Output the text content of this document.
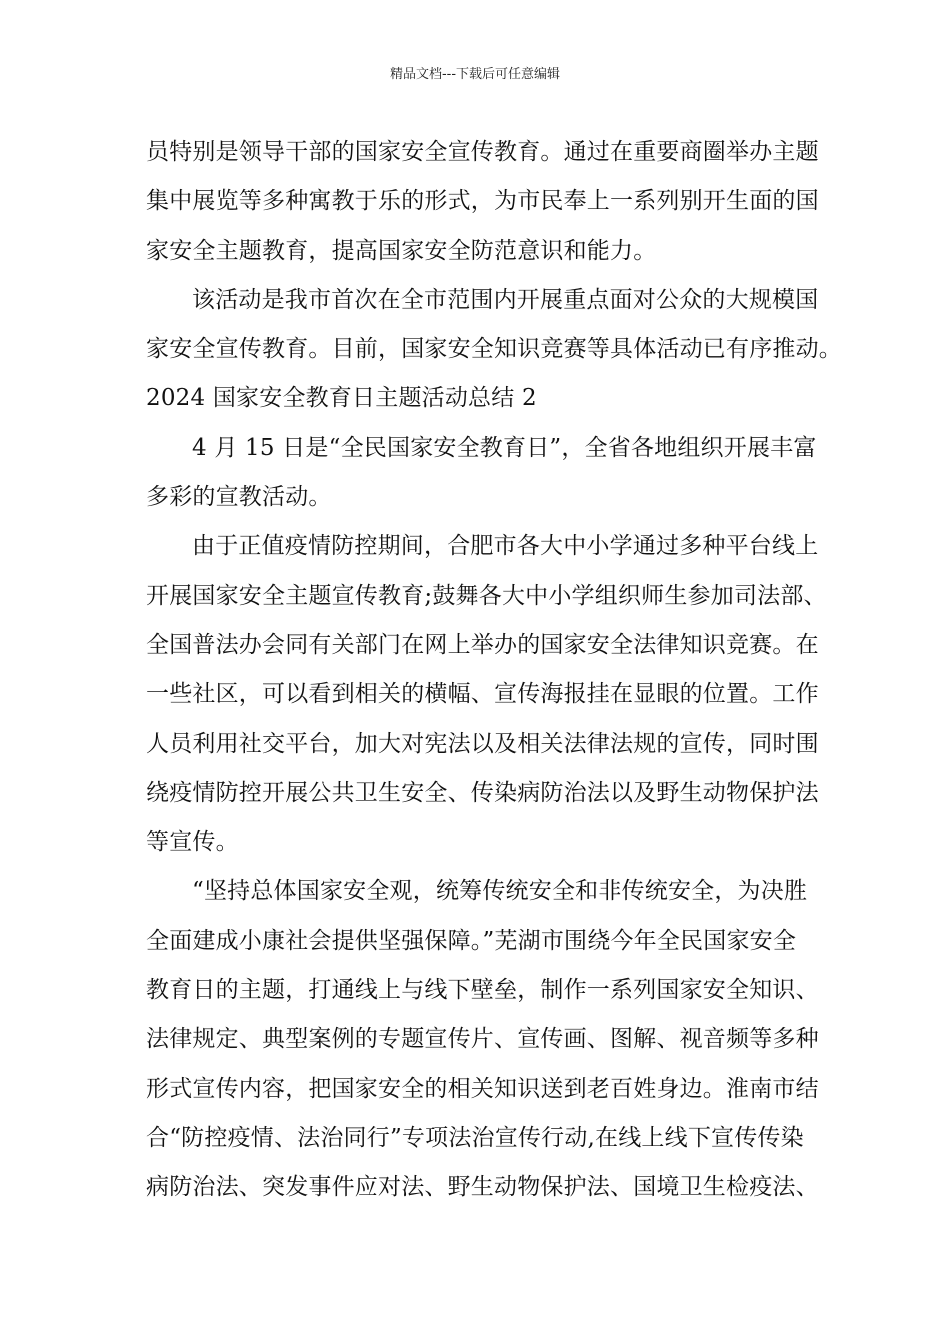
精品文档---下载后可任意编辑
员特别是领导干部的国家安全宣传教育。通过在重要商圈举办主题
集中展览等多种寓教于乐的形式，为市民奉上一系列别开生面的国
家安全主题教育，提高国家安全防范意识和能力。
该活动是我市首次在全市范围内开展重点面对公众的大规模国
家安全宣传教育。目前，国家安全知识竞赛等具体活动已有序推动。
2024 国家安全教育日主题活动总结 2
4 月 15 日是“全民国家安全教育日”，全省各地组织开展丰富
多彩的宣教活动。
由于正值疫情防控期间，合肥市各大中小学通过多种平台线上
开展国家安全主题宣传教育;鼓舞各大中小学组织师生参加司法部、
全国普法办会同有关部门在网上举办的国家安全法律知识竞赛。在
一些社区，可以看到相关的横幅、宣传海报挂在显眼的位置。工作
人员利用社交平台，加大对宪法以及相关法律法规的宣传，同时围
绕疫情防控开展公共卫生安全、传染病防治法以及野生动物保护法
等宣传。
“坚持总体国家安全观，统筹传统安全和非传统安全，为决胜
全面建成小康社会提供坚强保障。”芜湖市围绕今年全民国家安全
教育日的主题，打通线上与线下壁垒，制作一系列国家安全知识、
法律规定、典型案例的专题宣传片、宣传画、图解、视音频等多种
形式宣传内容，把国家安全的相关知识送到老百姓身边。淮南市结
合“防控疫情、法治同行”专项法治宣传行动,在线上线下宣传传染
病防治法、突发事件应对法、野生动物保护法、国境卫生检疫法、
